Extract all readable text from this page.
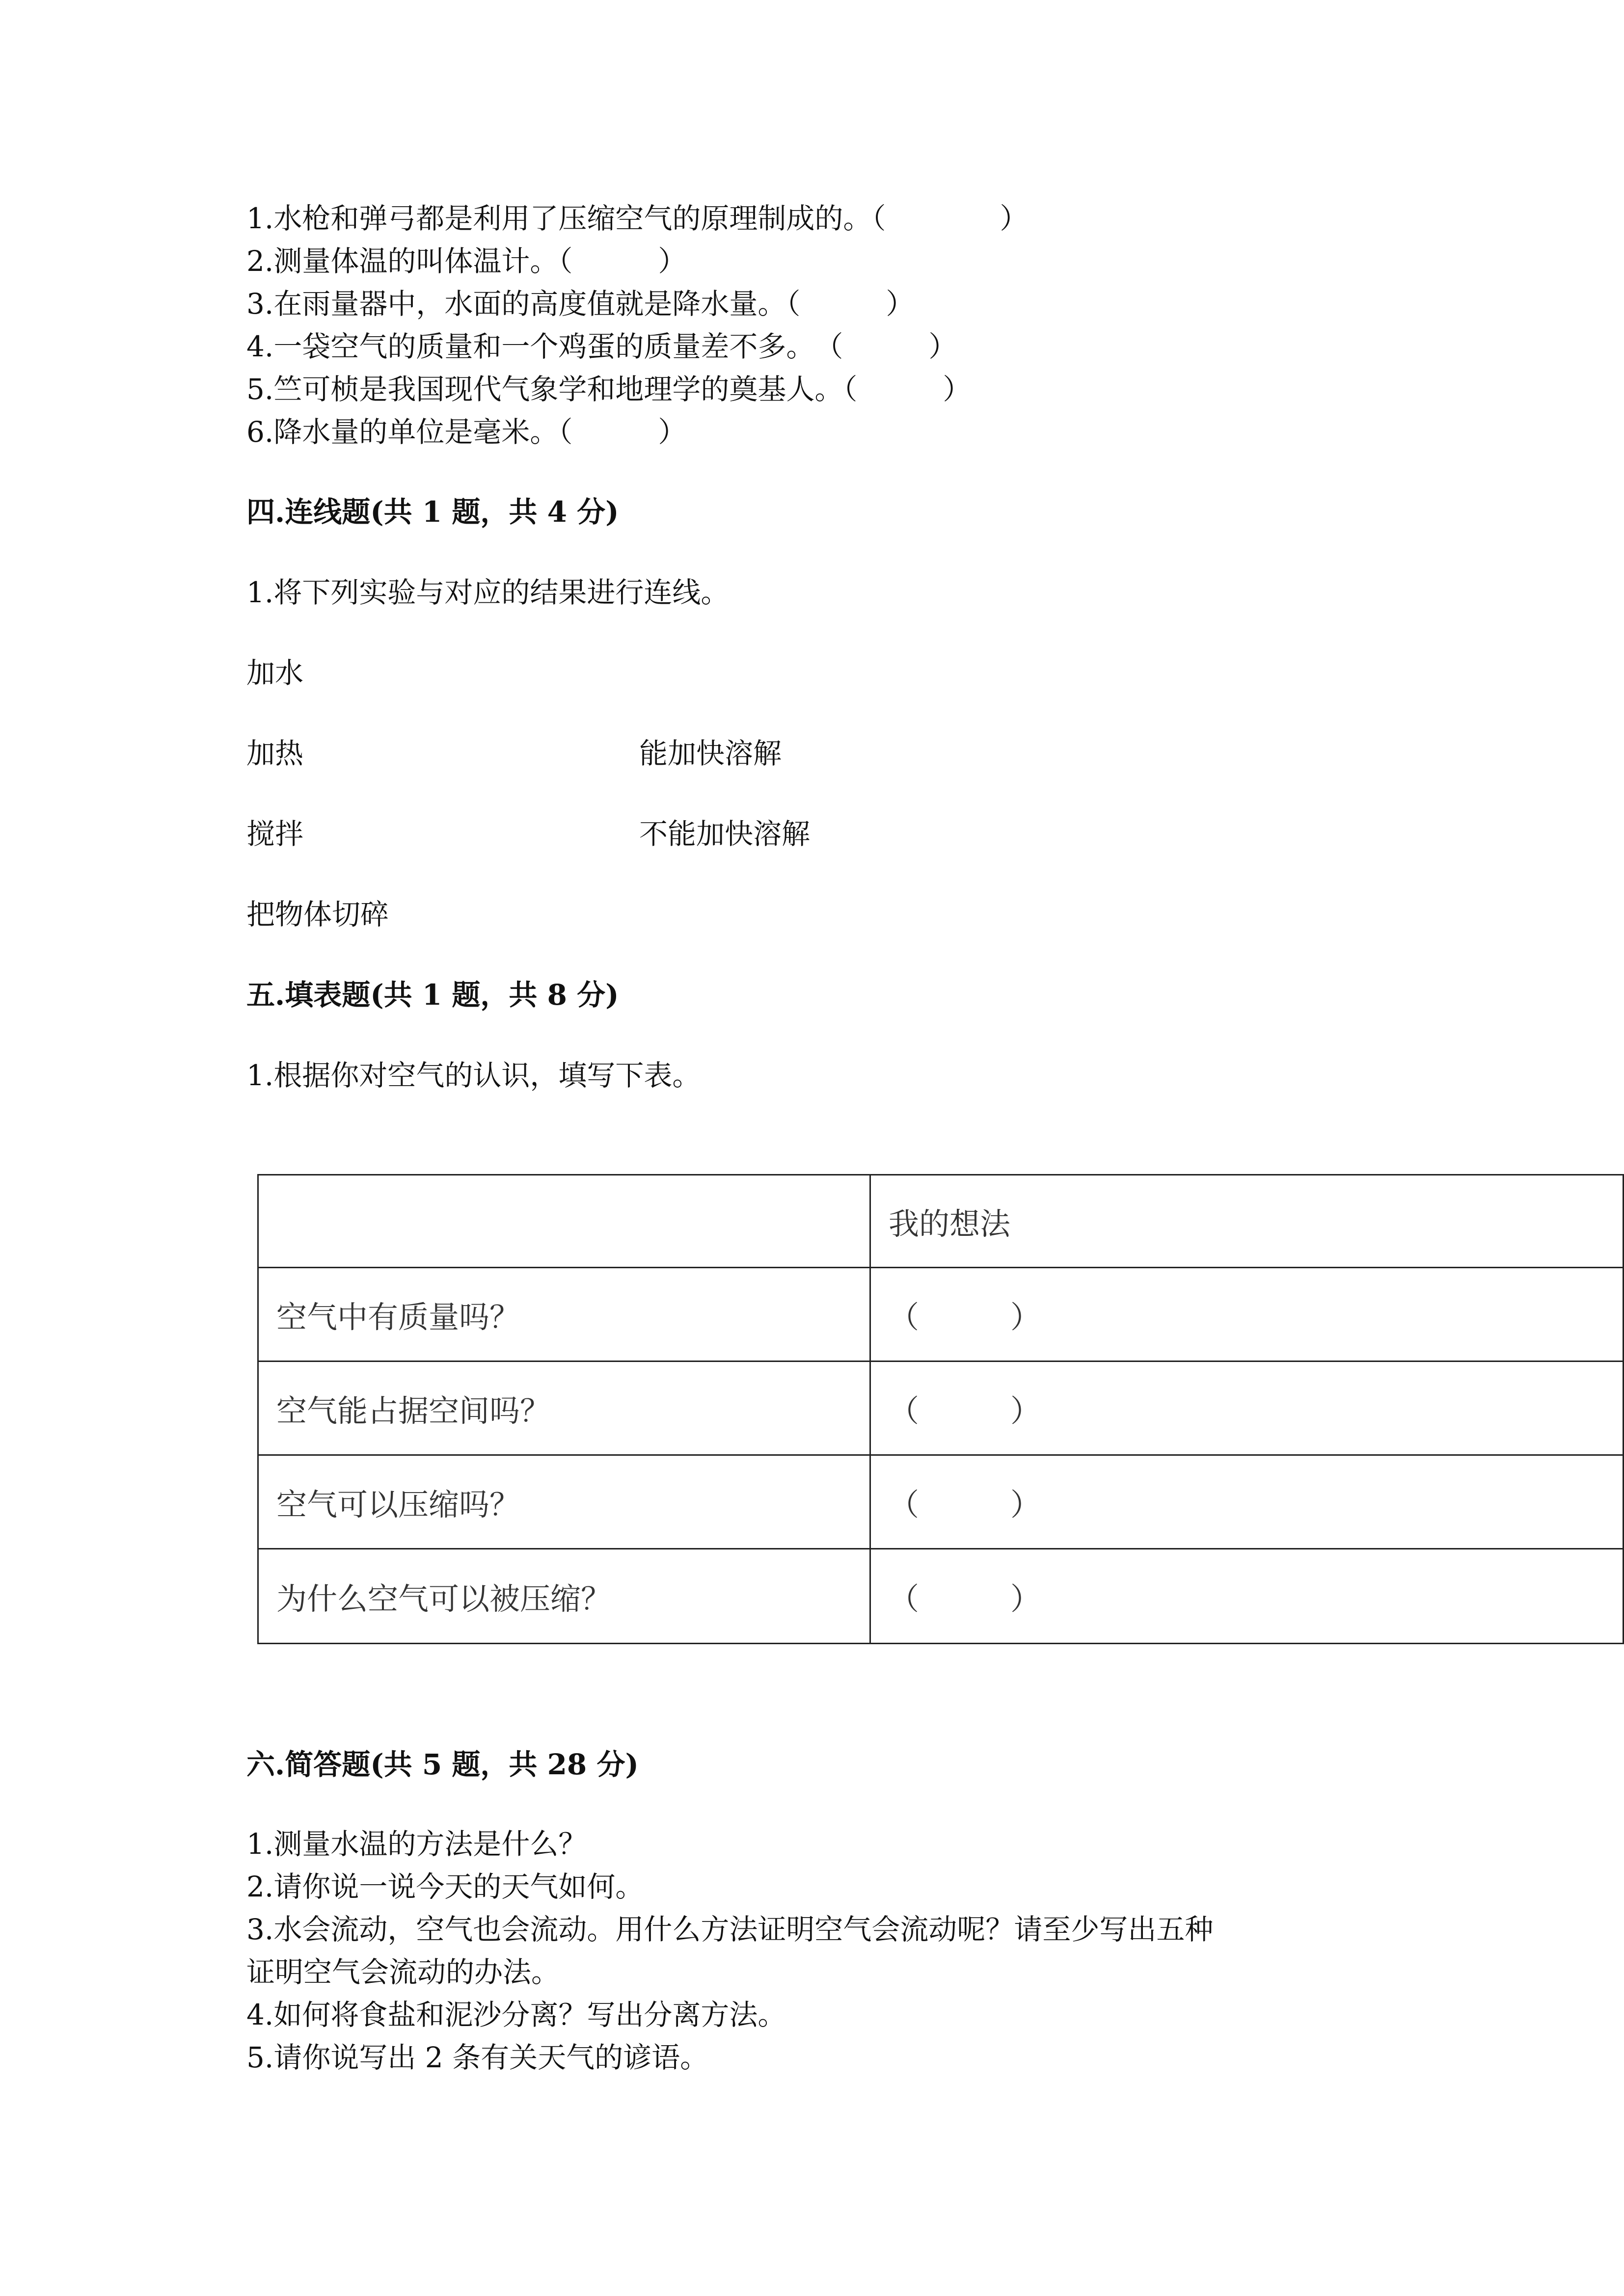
1.水枪和弹弓都是利用了压缩空气的原理制成的。（　　　　）

2.测量体温的叫体温计。（　　　）

3.在雨量器中，水面的高度值就是降水量。（　　　）

4.一袋空气的质量和一个鸡蛋的质量差不多。　（　　　）

5.竺可桢是我国现代气象学和地理学的奠基人。（　　　）

6.降水量的单位是毫米。（　　　）

四.连线题(共 1 题，共 4 分)

1.将下列实验与对应的结果进行连线。

加水

加热	能加快溶解

搅拌	不能加快溶解

把物体切碎

五.填表题(共 1 题，共 8 分)

1.根据你对空气的认识，填写下表。

	我的想法
空气中有质量吗？	（　　　）
空气能占据空间吗？	（　　　）
空气可以压缩吗？	（　　　）
为什么空气可以被压缩？	（　　　）

六.简答题(共 5 题，共 28 分)

1.测量水温的方法是什么？

2.请你说一说今天的天气如何。

3.水会流动，空气也会流动。用什么方法证明空气会流动呢？请至少写出五种

证明空气会流动的办法。

4.如何将食盐和泥沙分离？写出分离方法。

5.请你说写出 2 条有关天气的谚语。
